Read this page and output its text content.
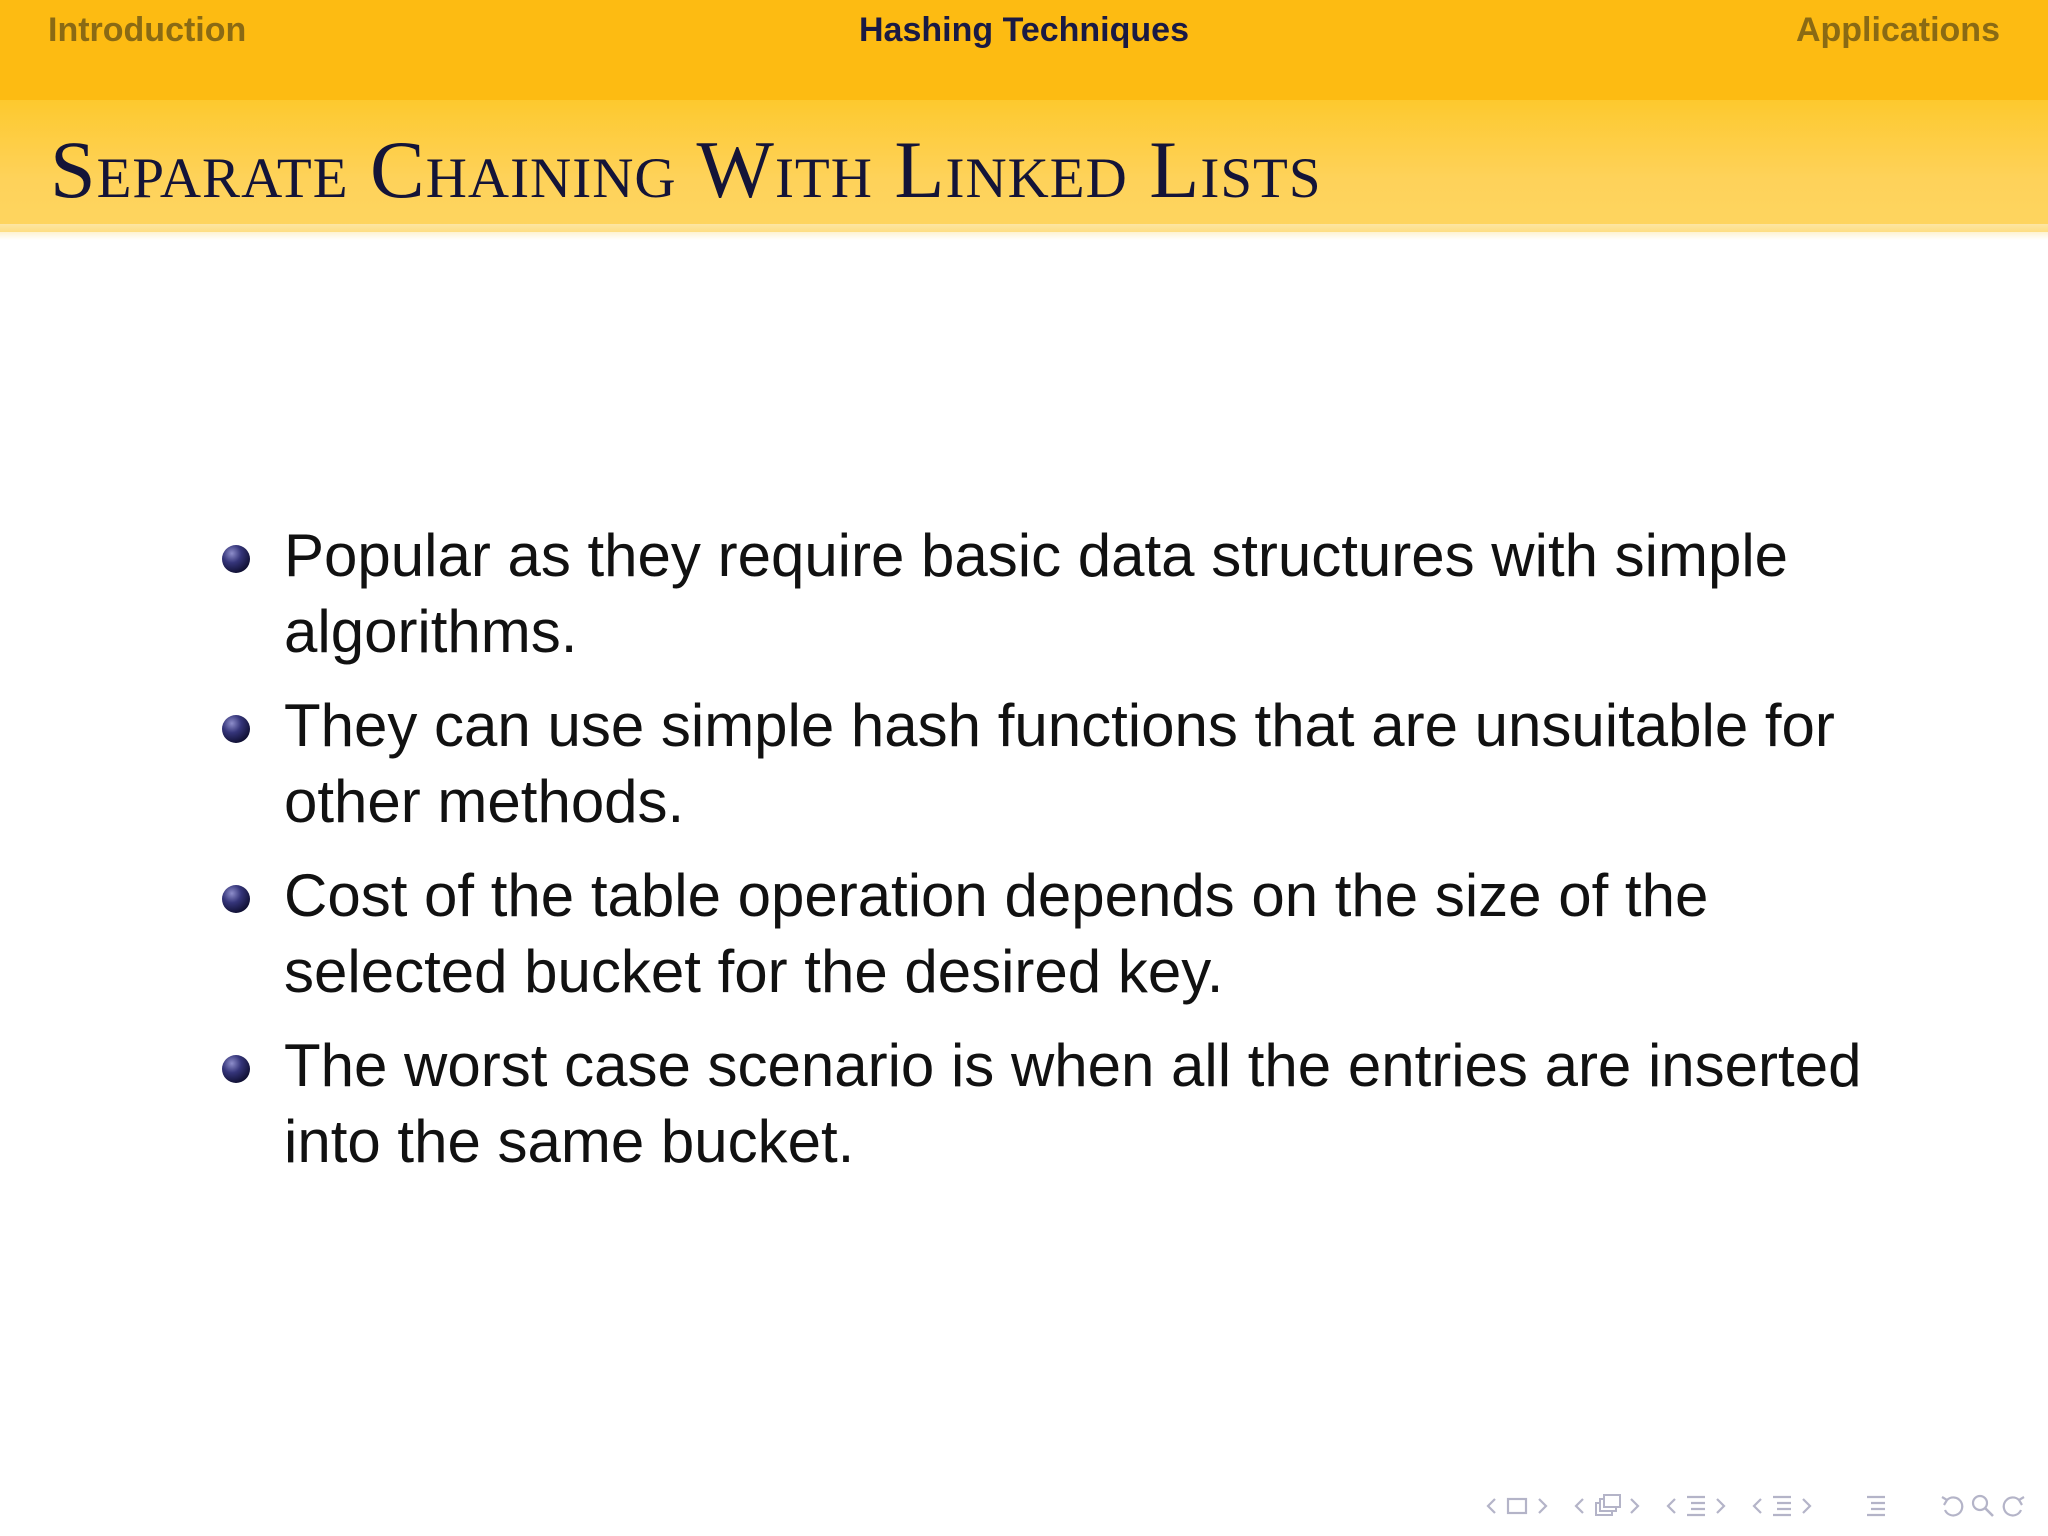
Hashing Techniques
Introduction	Applications
Separate Chaining With Linked Lists
Popular as they require basic data structures with simple algorithms.
They can use simple hash functions that are unsuitable for other methods.
Cost of the table operation depends on the size of the selected bucket for the desired key.
The worst case scenario is when all the entries are inserted into the same bucket.
